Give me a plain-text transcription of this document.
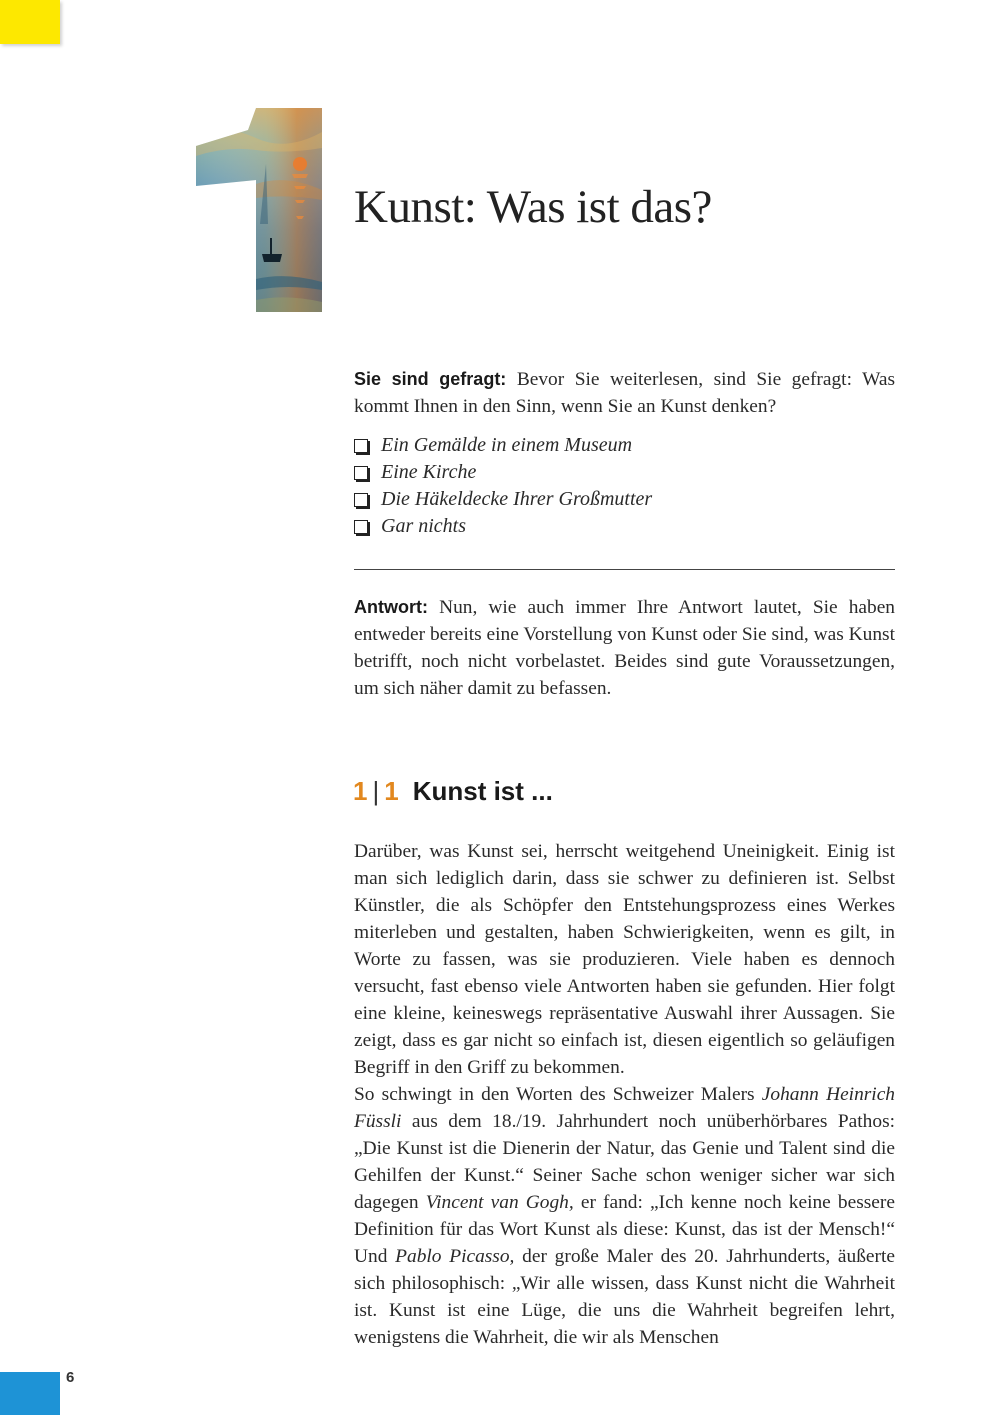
Kunst: Was ist das?
Sie sind gefragt: Bevor Sie weiterlesen, sind Sie gefragt: Was kommt Ihnen in den Sinn, wenn Sie an Kunst denken?
Ein Gemälde in einem Museum
Eine Kirche
Die Häkeldecke Ihrer Großmutter
Gar nichts
Antwort: Nun, wie auch immer Ihre Antwort lautet, Sie haben entweder bereits eine Vorstellung von Kunst oder Sie sind, was Kunst betrifft, noch nicht vorbelastet. Beides sind gute Voraussetzungen, um sich näher damit zu befassen.
1 | 1 Kunst ist ...

Darüber, was Kunst sei, herrscht weitgehend Uneinigkeit. Einig ist man sich lediglich darin, dass sie schwer zu definieren ist. Selbst Künstler, die als Schöpfer den Entstehungsprozess eines Werkes miterleben und gestalten, haben Schwierigkeiten, wenn es gilt, in Worte zu fassen, was sie produzieren. Viele haben es dennoch versucht, fast ebenso viele Antworten haben sie gefunden. Hier folgt eine kleine, keineswegs repräsentative Auswahl ihrer Aussagen. Sie zeigt, dass es gar nicht so einfach ist, diesen eigentlich so geläufigen Begriff in den Griff zu bekommen.

So schwingt in den Worten des Schweizer Malers Johann Heinrich Füssli aus dem 18./19. Jahrhundert noch unüberhörbares Pathos: „Die Kunst ist die Dienerin der Natur, das Genie und Talent sind die Gehilfen der Kunst.“ Seiner Sache schon weniger sicher war sich dagegen Vincent van Gogh, er fand: „Ich kenne noch keine bessere Definition für das Wort Kunst als diese: Kunst, das ist der Mensch!“ Und Pablo Picasso, der große Maler des 20. Jahrhunderts, äußerte sich philosophisch: „Wir alle wissen, dass Kunst nicht die Wahrheit ist. Kunst ist eine Lüge, die uns die Wahrheit begreifen lehrt, wenigstens die Wahrheit, die wir als Menschen

6
